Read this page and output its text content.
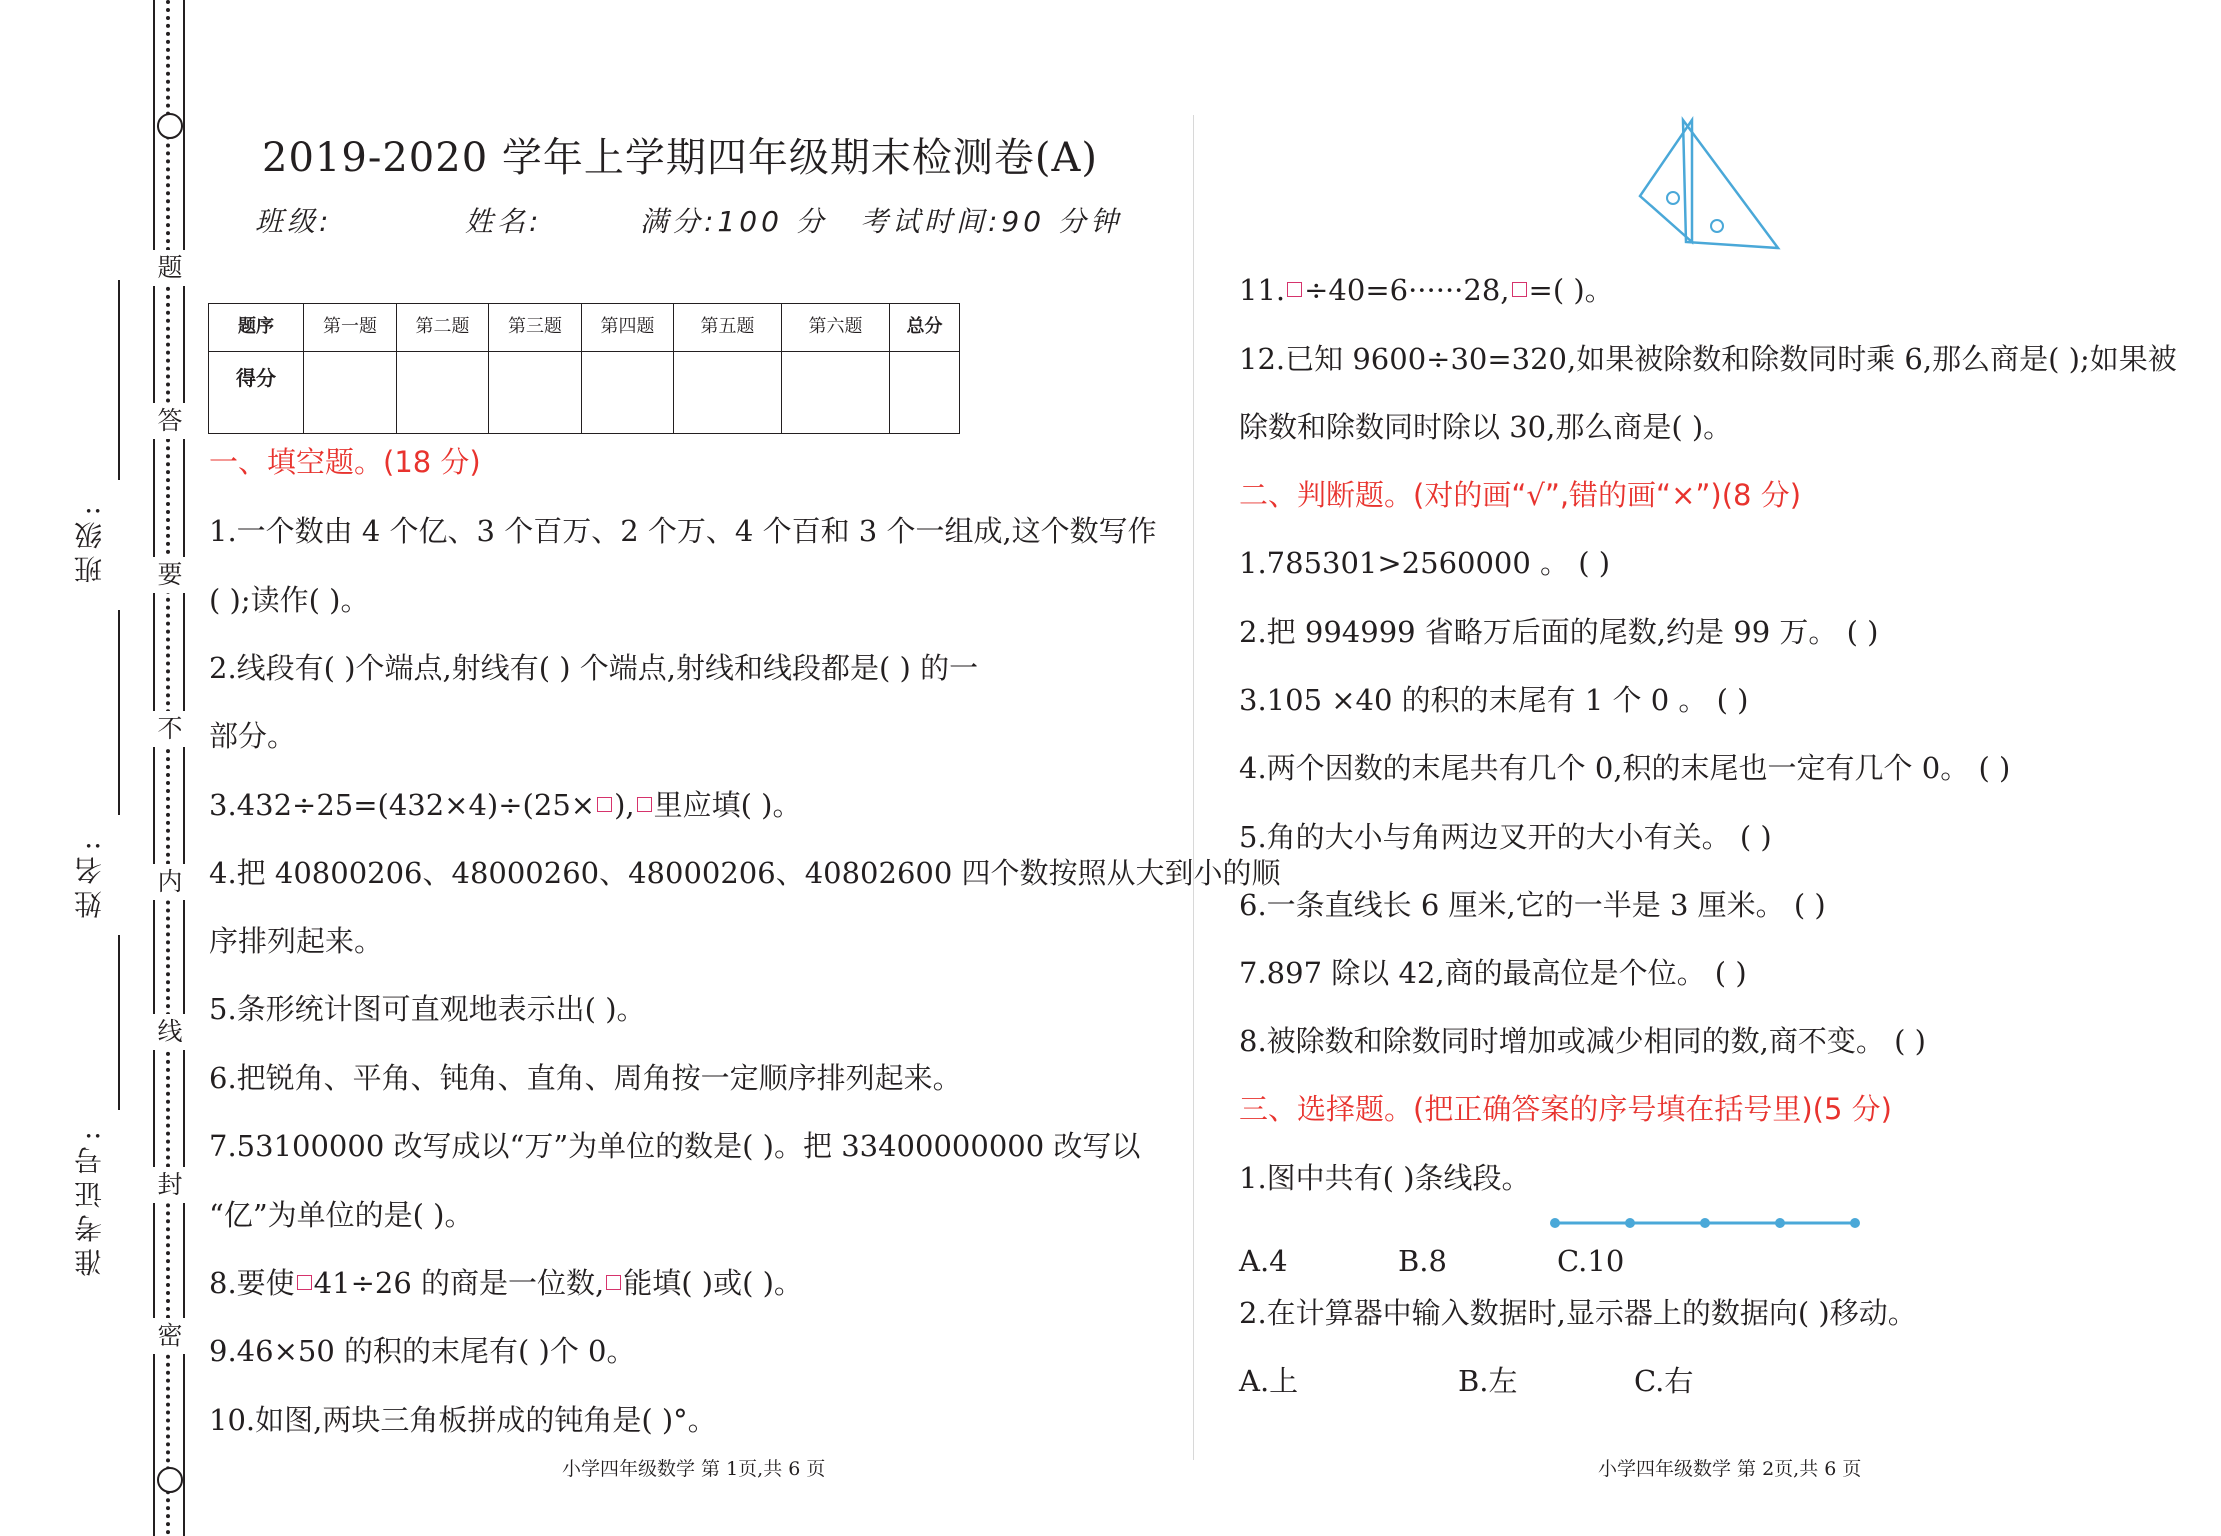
题
答
要
不
内
线
封
密
班级:
姓名:
准考证号:
2019-2020 学年上学期四年级期末检测卷(A)
班级:	姓名:	满分:100 分 考试时间:90 分钟
题序	第一题	第二题	第三题	第四题	第五题	第六题	总分
得分							
一、填空题。(18 分)
1.一个数由 4 个亿、3 个百万、2 个万、4 个百和 3 个一组成,这个数写作
( );读作( )。
2.线段有( )个端点,射线有( ) 个端点,射线和线段都是( ) 的一
部分。
3.432÷25=(432×4)÷(25× ), 里应填( )。
4.把 40800206、48000260、48000206、40802600 四个数按照从大到小的顺
序排列起来。
5.条形统计图可直观地表示出( )。
6.把锐角、平角、钝角、直角、周角按一定顺序排列起来。
7.53100000 改写成以“万”为单位的数是( )。把 33400000000 改写以
“亿”为单位的是( )。
8.要使 41÷26 的商是一位数, 能填( )或( )。
9.46×50 的积的末尾有( )个 0。
10.如图,两块三角板拼成的钝角是( )°。
小学四年级数学 第 1页,共 6 页
11. ÷40=6······28, =( )。
12.已知 9600÷30=320,如果被除数和除数同时乘 6,那么商是( );如果被
除数和除数同时除以 30,那么商是( )。
二、判断题。(对的画“√”,错的画“×”)(8 分)
1.785301>2560000 。 ( )
2.把 994999 省略万后面的尾数,约是 99 万。 ( )
3.105 ×40 的积的末尾有 1 个 0 。 ( )
4.两个因数的末尾共有几个 0,积的末尾也一定有几个 0。 ( )
5.角的大小与角两边叉开的大小有关。 ( )
6.一条直线长 6 厘米,它的一半是 3 厘米。 ( )
7.897 除以 42,商的最高位是个位。 ( )
8.被除数和除数同时增加或减少相同的数,商不变。 ( )
三、选择题。(把正确答案的序号填在括号里)(5 分)
1.图中共有( )条线段。
A.4	B.8	C.10
2.在计算器中输入数据时,显示器上的数据向( )移动。
A.上	B.左	C.右
小学四年级数学 第 2页,共 6 页
